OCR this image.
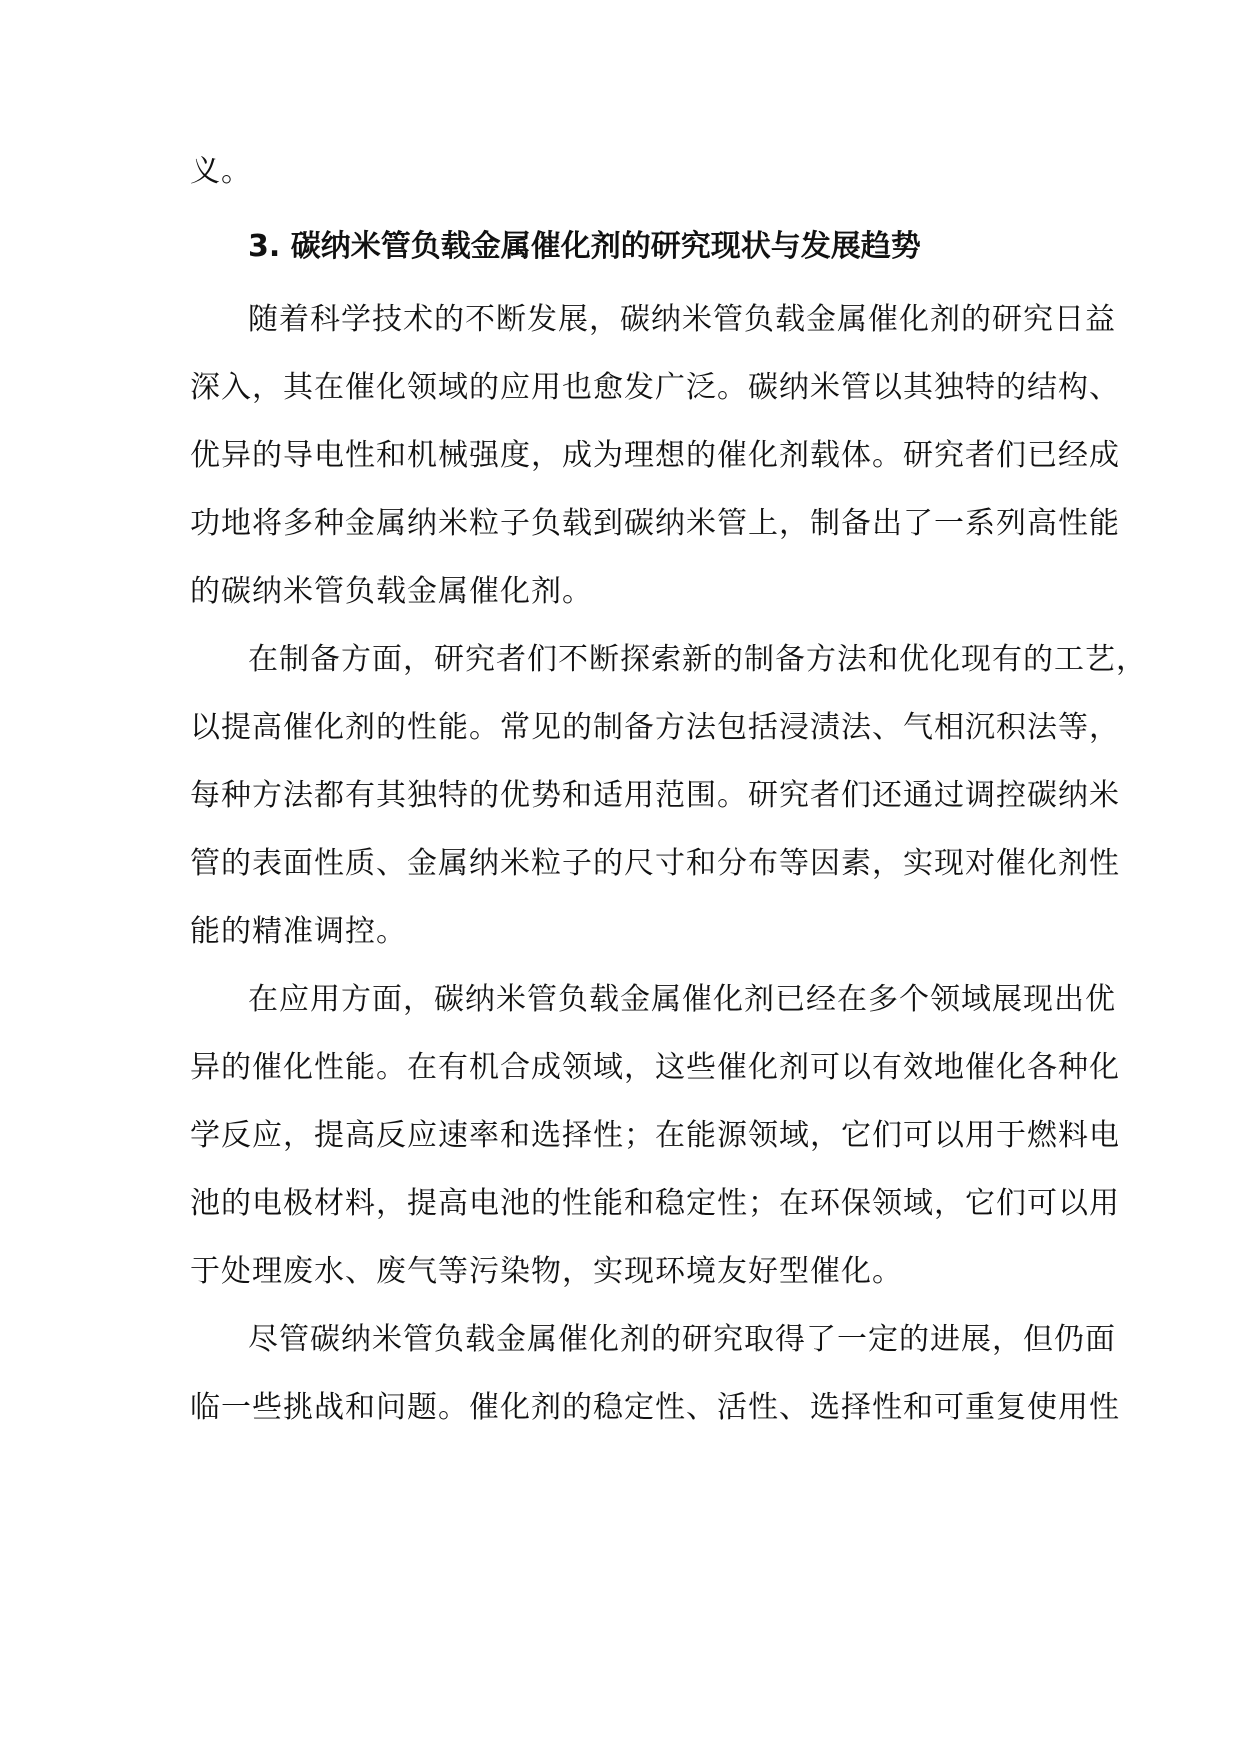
义。
3. 碳纳米管负载金属催化剂的研究现状与发展趋势
随着科学技术的不断发展，碳纳米管负载金属催化剂的研究日益
深入，其在催化领域的应用也愈发广泛。碳纳米管以其独特的结构、
优异的导电性和机械强度，成为理想的催化剂载体。研究者们已经成
功地将多种金属纳米粒子负载到碳纳米管上，制备出了一系列高性能
的碳纳米管负载金属催化剂。
在制备方面，研究者们不断探索新的制备方法和优化现有的工艺，
以提高催化剂的性能。常见的制备方法包括浸渍法、气相沉积法等，
每种方法都有其独特的优势和适用范围。研究者们还通过调控碳纳米
管的表面性质、金属纳米粒子的尺寸和分布等因素，实现对催化剂性
能的精准调控。
在应用方面，碳纳米管负载金属催化剂已经在多个领域展现出优
异的催化性能。在有机合成领域，这些催化剂可以有效地催化各种化
学反应，提高反应速率和选择性；在能源领域，它们可以用于燃料电
池的电极材料，提高电池的性能和稳定性；在环保领域，它们可以用
于处理废水、废气等污染物，实现环境友好型催化。
尽管碳纳米管负载金属催化剂的研究取得了一定的进展，但仍面
临一些挑战和问题。催化剂的稳定性、活性、选择性和可重复使用性
